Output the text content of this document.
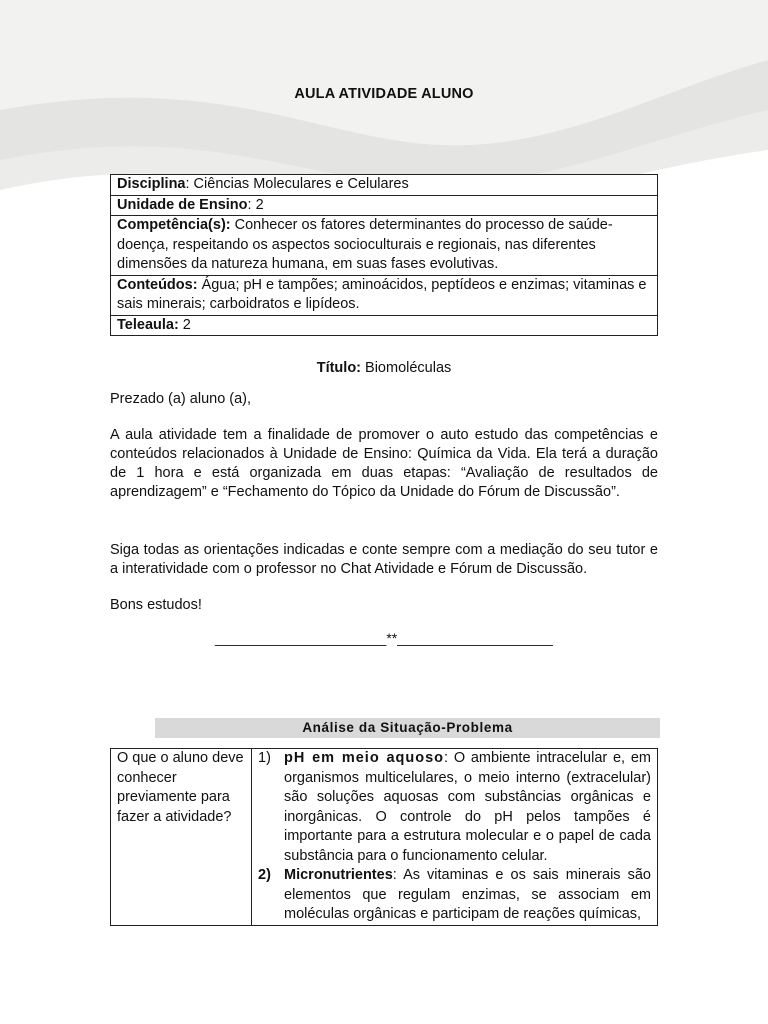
AULA ATIVIDADE ALUNO
Disciplina: Ciências Moleculares e Celulares
Unidade de Ensino: 2
Competência(s): Conhecer os fatores determinantes do processo de saúde-doença, respeitando os aspectos socioculturais e regionais, nas diferentes dimensões da natureza humana, em suas fases evolutivas.
Conteúdos: Água; pH e tampões; aminoácidos, peptídeos e enzimas; vitaminas e sais minerais; carboidratos e lipídeos.
Teleaula: 2
Título: Biomoléculas
Prezado (a) aluno (a),
A aula atividade tem a finalidade de promover o auto estudo das competências e conteúdos relacionados à Unidade de Ensino: Química da Vida. Ela terá a duração de 1 hora e está organizada em duas etapas: “Avaliação de resultados de aprendizagem” e “Fechamento do Tópico da Unidade do Fórum de Discussão”.
Siga todas as orientações indicadas e conte sempre com a mediação do seu tutor e a interatividade com o professor no Chat Atividade e Fórum de Discussão.
Bons estudos!
______________________**____________________
Análise da Situação-Problema
O que o aluno deve conhecer previamente para fazer a atividade?	
1) pH em meio aquoso: O ambiente intracelular e, em organismos multicelulares, o meio interno (extracelular) são soluções aquosas com substâncias orgânicas e inorgânicas. O controle do pH pelos tampões é importante para a estrutura molecular e o papel de cada substância para o funcionamento celular.
2) Micronutrientes: As vitaminas e os sais minerais são elementos que regulam enzimas, se associam em moléculas orgânicas e participam de reações químicas,
